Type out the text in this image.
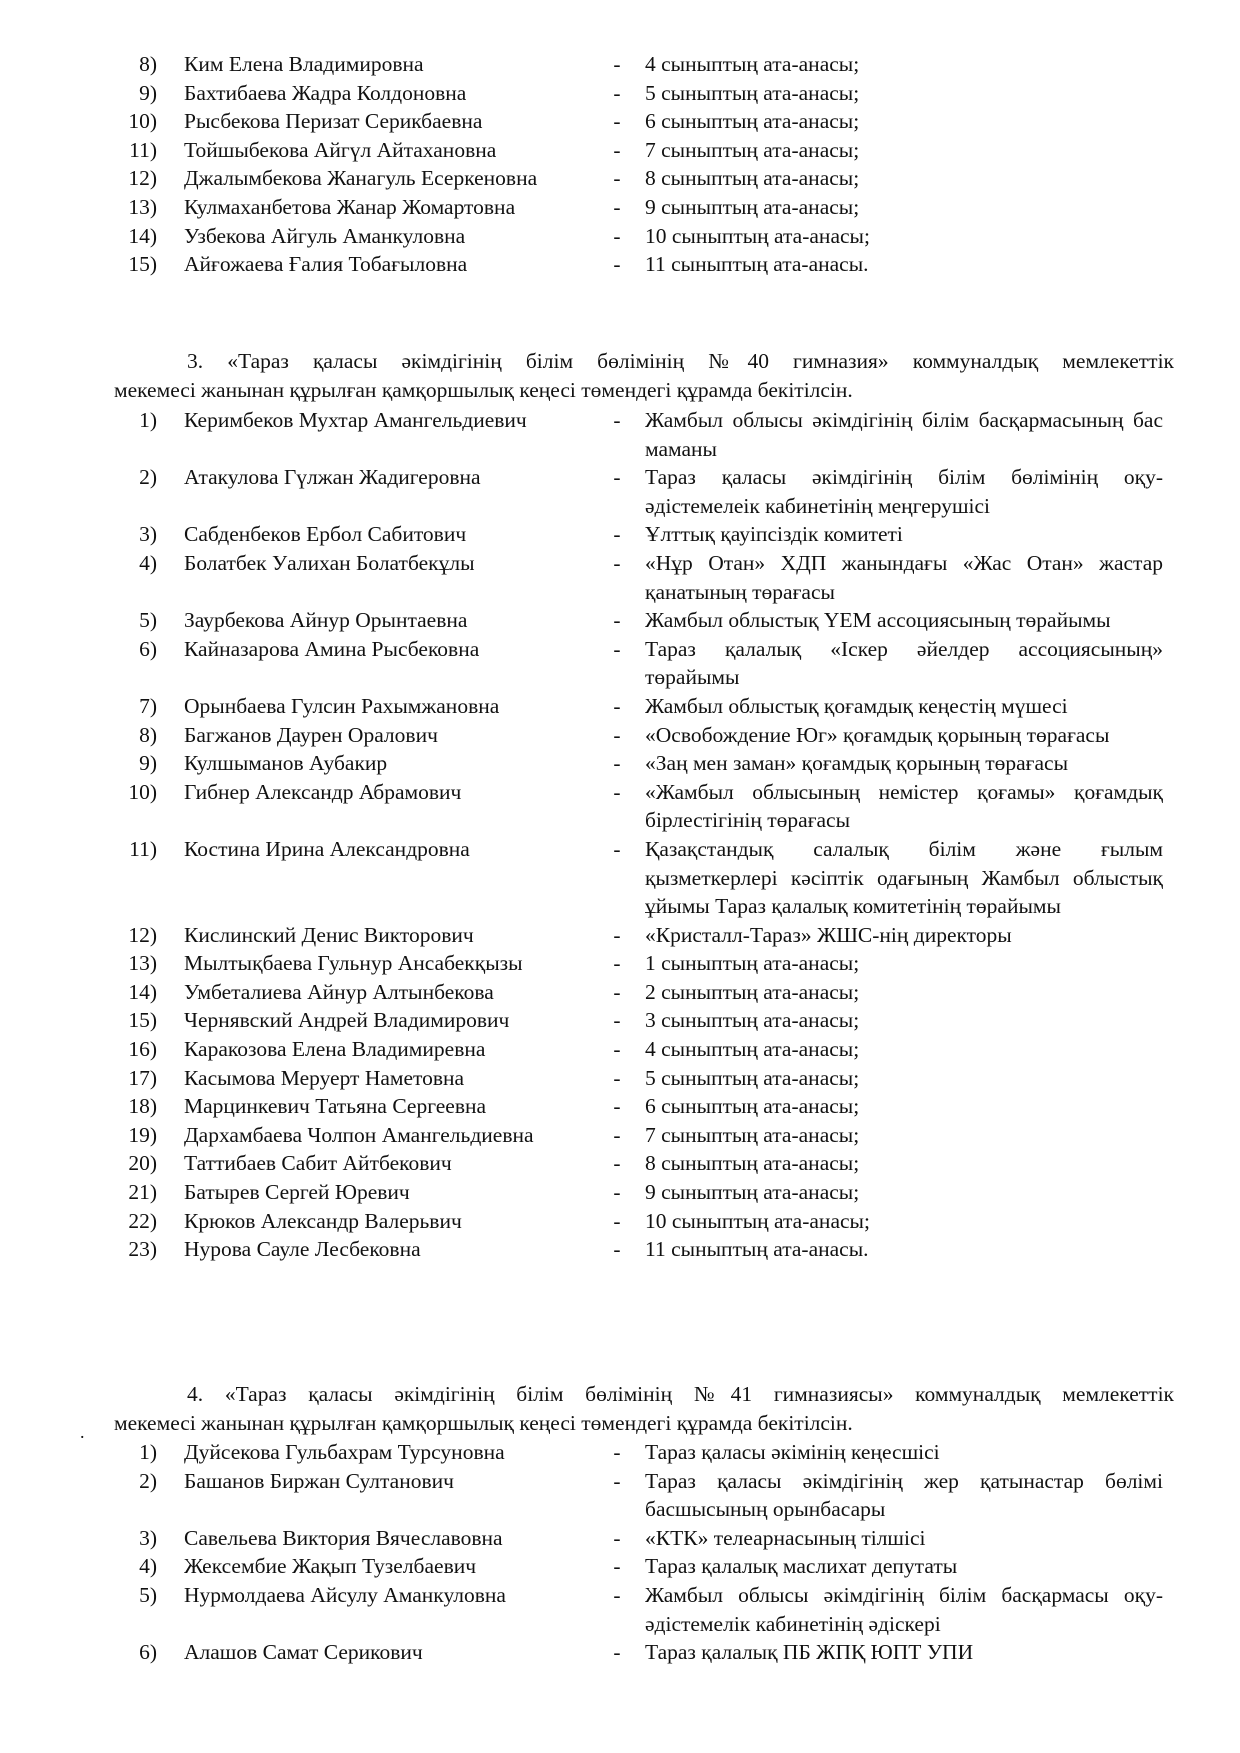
8) Ким Елена Владимировна	-	4 сыныптың ата-анасы;
9) Бахтибаева Жадра Колдоновна	-	5 сыныптың ата-анасы;
10) Рысбекова Перизат Серикбаевна	-	6 сыныптың ата-анасы;
11) Тойшыбекова Айгүл Айтахановна	-	7 сыныптың ата-анасы;
12) Джалымбекова Жанагуль Есеркеновна	-	8 сыныптың ата-анасы;
13) Кулмаханбетова Жанар Жомартовна	-	9 сыныптың ата-анасы;
14) Узбекова Айгуль Аманкуловна	-	10 сыныптың ата-анасы;
15) Айғожаева Ғалия Тобағыловна	-	11 сыныптың ата-анасы.
3. «Тараз қаласы әкімдігінің білім бөлімінің №40 гимназия» коммуналдық мемлекеттік
мекемесі жанынан құрылған қамқоршылық кеңесі төмендегі құрамда бекітілсін.
1) Керимбеков Мухтар Амангельдиевич	-	Жамбыл облысы әкімдігінің білім басқармасының бас маманы
2) Атакулова Гүлжан Жадигеровна	-	Тараз қаласы әкімдігінің білім бөлімінің оқу-әдістемелеік кабинетінің меңгерушісі
3) Сабденбеков Ербол Сабитович	-	Ұлттық қауіпсіздік комитеті
4) Болатбек Уалихан Болатбекұлы	-	«Нұр Отан» ХДП жанындағы «Жас Отан» жастар қанатының төрағасы
5) Заурбекова Айнур Орынтаевна	-	Жамбыл облыстық ҮЕМ ассоциясының төрайымы
6) Кайназарова Амина Рысбековна	-	Тараз қалалық «Іскер әйелдер ассоциясының» төрайымы
7) Орынбаева Гулсин Рахымжановна	-	Жамбыл облыстық қоғамдық кеңестің мүшесі
8) Багжанов Даурен Оралович	-	«Освобождение Юг» қоғамдық қорының төрағасы
9) Кулшыманов Аубакир	-	«Заң мен заман» қоғамдық қорының төрағасы
10) Гибнер Александр Абрамович	-	«Жамбыл облысының немістер қоғамы» қоғамдық бірлестігінің төрағасы
11) Костина Ирина Александровна	-	Қазақстандық салалық білім және ғылым қызметкерлері кәсіптік одағының Жамбыл облыстық ұйымы Тараз қалалық комитетінің төрайымы
12) Кислинский Денис Викторович	-	«Кристалл-Тараз» ЖШС-нің директоры
13) Мылтықбаева Гульнур Ансабекқызы	-	1 сыныптың ата-анасы;
14) Умбеталиева Айнур Алтынбекова	-	2 сыныптың ата-анасы;
15) Чернявский Андрей Владимирович	-	3 сыныптың ата-анасы;
16) Каракозова Елена Владимиревна	-	4 сыныптың ата-анасы;
17) Касымова Меруерт Наметовна	-	5 сыныптың ата-анасы;
18) Марцинкевич Татьяна Сергеевна	-	6 сыныптың ата-анасы;
19) Дархамбаева Чолпон Амангельдиевна	-	7 сыныптың ата-анасы;
20) Таттибаев Сабит Айтбекович	-	8 сыныптың ата-анасы;
21) Батырев Сергей Юревич	-	9 сыныптың ата-анасы;
22) Крюков Александр Валерьвич	-	10 сыныптың ата-анасы;
23) Нурова Сауле Лесбековна	-	11 сыныптың ата-анасы.
4. «Тараз қаласы әкімдігінің білім бөлімінің №41 гимназиясы» коммуналдық мемлекеттік
мекемесі жанынан құрылған қамқоршылық кеңесі төмендегі құрамда бекітілсін.
.
1) Дуйсекова Гульбахрам Турсуновна	-	Тараз қаласы әкімінің кеңесшісі
2) Башанов Биржан Султанович	-	Тараз қаласы әкімдігінің жер қатынастар бөлімі басшысының орынбасары
3) Савельева Виктория Вячеславовна	-	«КТК» телеарнасының тілшісі
4) Жексембие Жақып Тузелбаевич	-	Тараз қалалық маслихат депутаты
5) Нурмолдаева Айсулу Аманкуловна	-	Жамбыл облысы әкімдігінің білім басқармасы оқу-әдістемелік кабинетінің әдіскері
6) Алашов Самат Серикович	-	Тараз қалалық ПБ ЖПҚ ЮПТ УПИ
